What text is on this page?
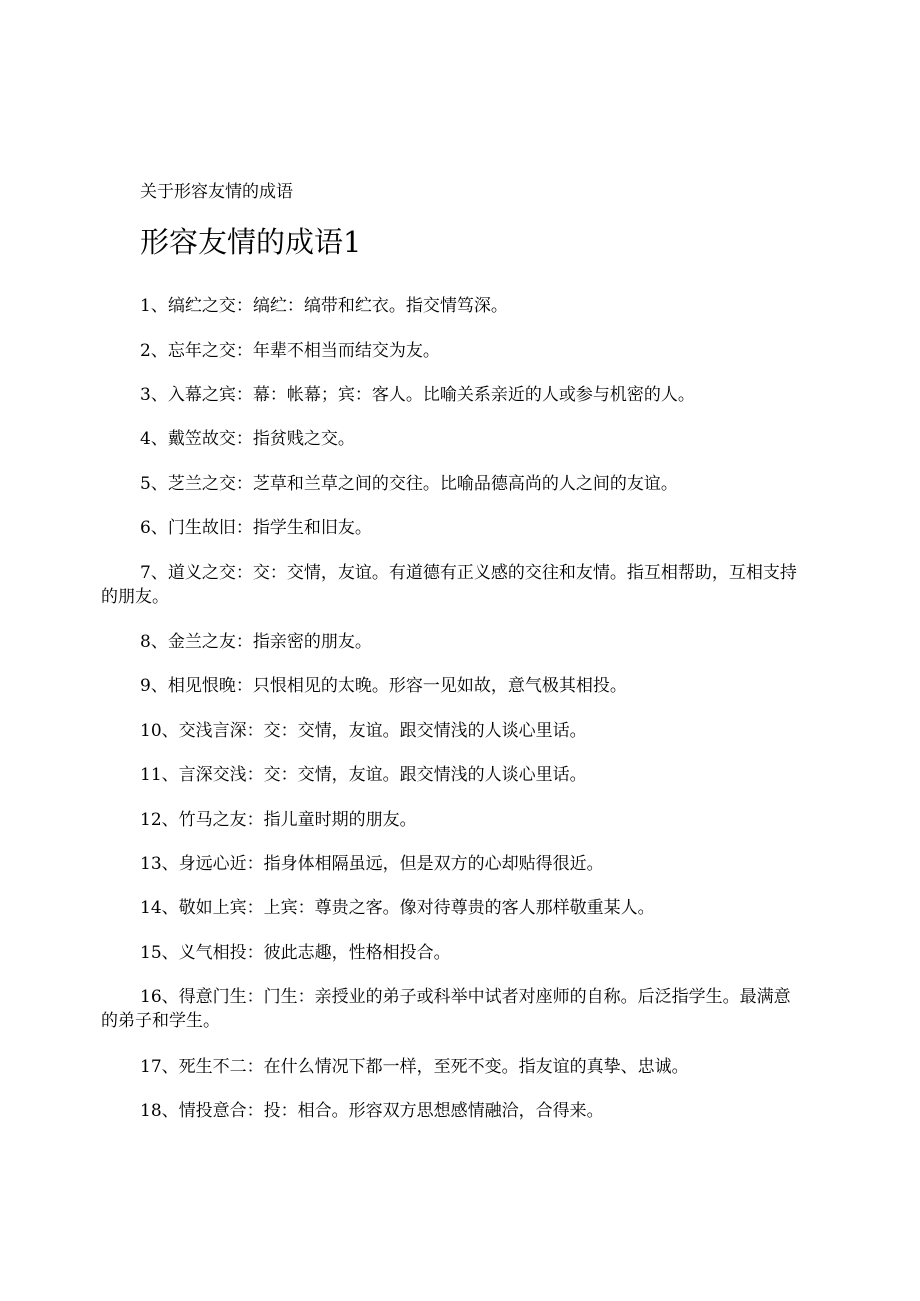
关于形容友情的成语
形容友情的成语1
1、缟纻之交：缟纻：缟带和纻衣。指交情笃深。
2、忘年之交：年辈不相当而结交为友。
3、入幕之宾：幕：帐幕；宾：客人。比喻关系亲近的人或参与机密的人。
4、戴笠故交：指贫贱之交。
5、芝兰之交：芝草和兰草之间的交往。比喻品德高尚的人之间的友谊。
6、门生故旧：指学生和旧友。
7、道义之交：交：交情，友谊。有道德有正义感的交往和友情。指互相帮助，互相支持的朋友。
8、金兰之友：指亲密的朋友。
9、相见恨晚：只恨相见的太晚。形容一见如故，意气极其相投。
10、交浅言深：交：交情，友谊。跟交情浅的人谈心里话。
11、言深交浅：交：交情，友谊。跟交情浅的人谈心里话。
12、竹马之友：指儿童时期的朋友。
13、身远心近：指身体相隔虽远，但是双方的心却贴得很近。
14、敬如上宾：上宾：尊贵之客。像对待尊贵的客人那样敬重某人。
15、义气相投：彼此志趣，性格相投合。
16、得意门生：门生：亲授业的弟子或科举中试者对座师的自称。后泛指学生。最满意的弟子和学生。
17、死生不二：在什么情况下都一样，至死不变。指友谊的真挚、忠诚。
18、情投意合：投：相合。形容双方思想感情融洽，合得来。
